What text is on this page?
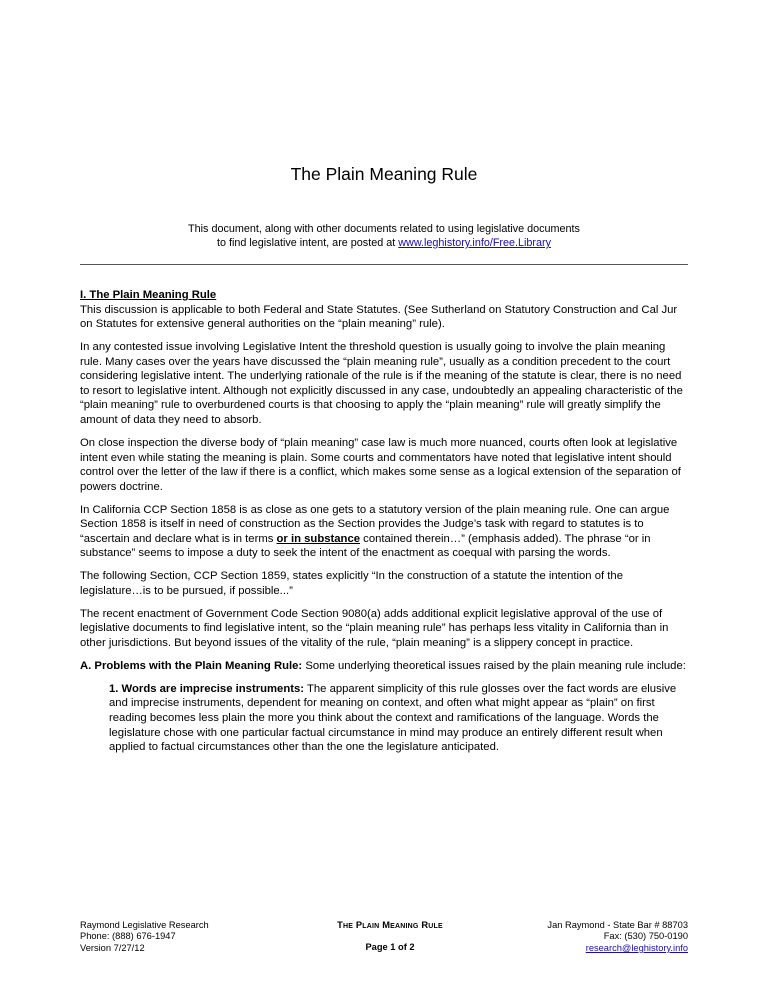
The Plain Meaning Rule
This document, along with other documents related to using legislative documents
to find legislative intent, are posted at www.leghistory.info/Free.Library
I. The Plain Meaning Rule

This discussion is applicable to both Federal and State Statutes. (See Sutherland on Statutory Construction and Cal Jur on Statutes for extensive general authorities on the “plain meaning” rule).

In any contested issue involving Legislative Intent the threshold question is usually going to involve the plain meaning rule. Many cases over the years have discussed the “plain meaning rule”, usually as a condition precedent to the court considering legislative intent. The underlying rationale of the rule is if the meaning of the statute is clear, there is no need to resort to legislative intent. Although not explicitly discussed in any case, undoubtedly an appealing characteristic of the “plain meaning” rule to overburdened courts is that choosing to apply the “plain meaning” rule will greatly simplify the amount of data they need to absorb.

On close inspection the diverse body of “plain meaning” case law is much more nuanced, courts often look at legislative intent even while stating the meaning is plain. Some courts and commentators have noted that legislative intent should control over the letter of the law if there is a conflict, which makes some sense as a logical extension of the separation of powers doctrine.

In California CCP Section 1858 is as close as one gets to a statutory version of the plain meaning rule. One can argue Section 1858 is itself in need of construction as the Section provides the Judge’s task with regard to statutes is to “ascertain and declare what is in terms or in substance contained therein…” (emphasis added). The phrase “or in substance” seems to impose a duty to seek the intent of the enactment as coequal with parsing the words.

The following Section, CCP Section 1859, states explicitly “In the construction of a statute the intention of the legislature…is to be pursued, if possible...”

The recent enactment of Government Code Section 9080(a) adds additional explicit legislative approval of the use of legislative documents to find legislative intent, so the “plain meaning rule” has perhaps less vitality in California than in other jurisdictions. But beyond issues of the vitality of the rule, “plain meaning” is a slippery concept in practice.

A. Problems with the Plain Meaning Rule: Some underlying theoretical issues raised by the plain meaning rule include:

1. Words are imprecise instruments: The apparent simplicity of this rule glosses over the fact words are elusive and imprecise instruments, dependent for meaning on context, and often what might appear as “plain” on first reading becomes less plain the more you think about the context and ramifications of the language. Words the legislature chose with one particular factual circumstance in mind may produce an entirely different result when applied to factual circumstances other than the one the legislature anticipated.

Raymond Legislative Research
Phone: (888) 676-1947
Version 7/27/12
The Plain Meaning Rule
Page 1 of 2
Jan Raymond - State Bar # 88703
Fax: (530) 750-0190
research@leghistory.info
